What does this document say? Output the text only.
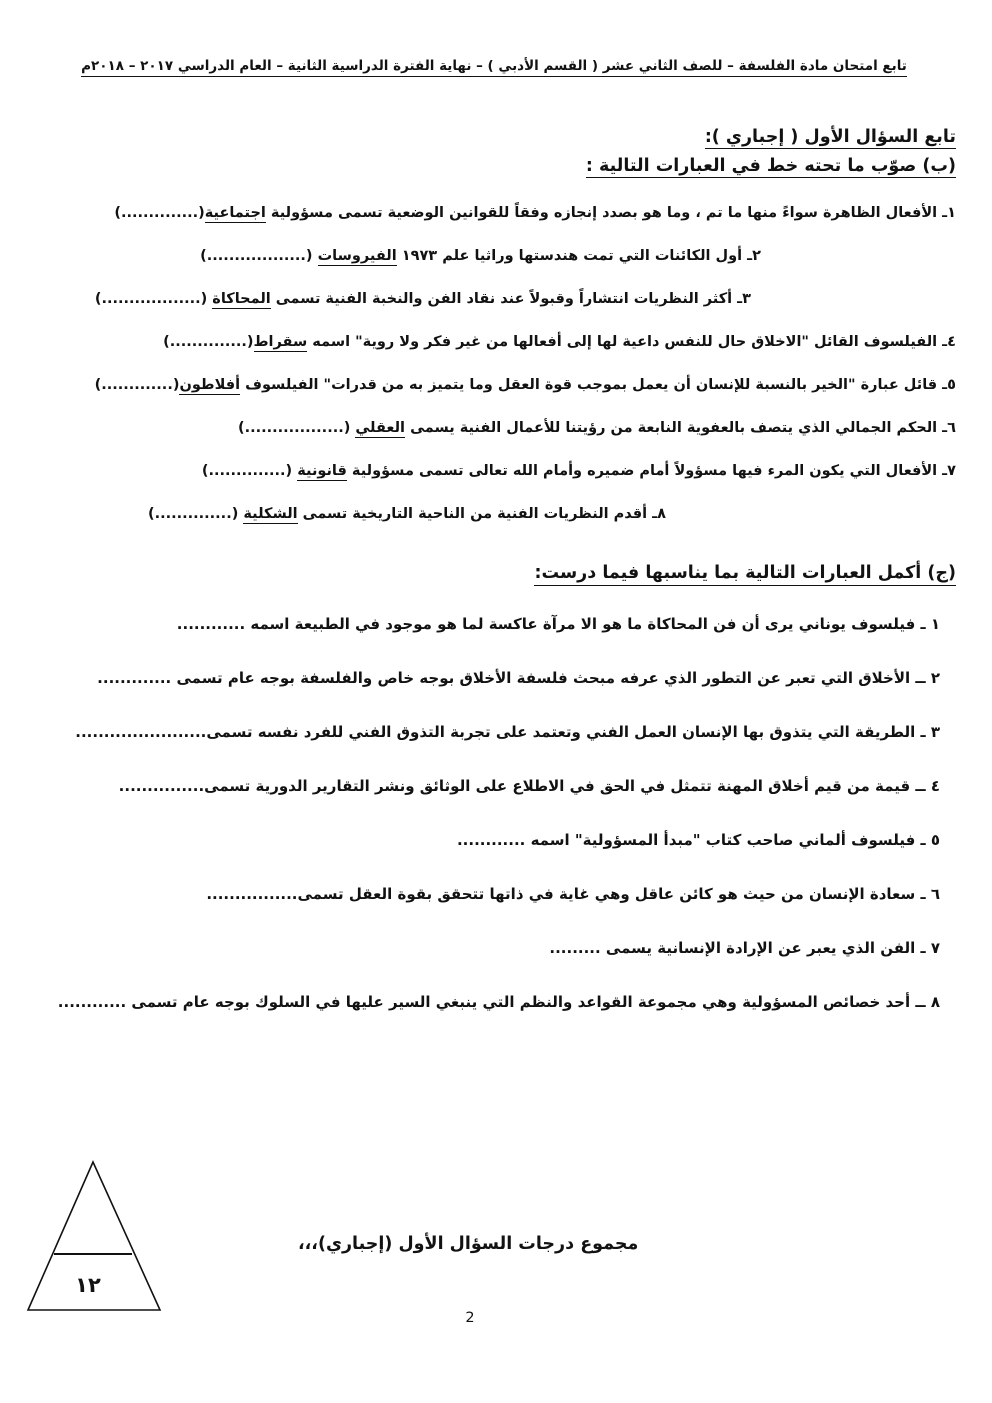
تابع امتحان مادة الفلسفة – للصف الثاني عشر ( القسم الأدبي ) – نهاية الفترة الدراسية الثانية – العام الدراسي ٢٠١٧ – ٢٠١٨م
تابع السؤال الأول ( إجباري ):
(ب) صوّب ما تحته خط في العبارات التالية :
١ـ الأفعال الظاهرة سواءً منها ما تم ، وما هو بصدد إنجازه وفقاً للقوانين الوضعية تسمى مسؤولية اجتماعية(..............)
٢ـ أول الكائنات التي تمت هندستها وراثيا علم ١٩٧٣ الفيروسات (..................)
٣ـ أكثر النظريات انتشاراً وقبولاً عند نقاد الفن والنخبة الفنية تسمى المحاكاة (..................)
٤ـ الفيلسوف القائل "الاخلاق حال للنفس داعية لها إلى أفعالها من غير فكر ولا روية" اسمه سقراط(..............)
٥ـ قائل عبارة "الخير بالنسبة للإنسان أن يعمل بموجب قوة العقل وما يتميز به من قدرات" الفيلسوف أفلاطون(.............)
٦ـ الحكم الجمالي الذي يتصف بالعفوية النابعة من رؤيتنا للأعمال الفنية يسمى العقلي (..................)
٧ـ الأفعال التي يكون المرء فيها مسؤولاً أمام ضميره وأمام الله تعالى تسمى مسؤولية قانونية (..............)
٨ـ أقدم النظريات الفنية من الناحية التاريخية تسمى الشكلية (..............)
(ج) أكمل العبارات التالية بما يناسبها فيما درست:
١ ـ فيلسوف يوناني يرى أن فن المحاكاة ما هو الا مرآة عاكسة لما هو موجود في الطبيعة اسمه ............
٢ ــ الأخلاق التي تعبر عن التطور الذي عرفه مبحث فلسفة الأخلاق بوجه خاص والفلسفة بوجه عام تسمى .............
٣ ـ الطريقة التي يتذوق بها الإنسان العمل الفني وتعتمد على تجربة التذوق الفني للفرد نفسه تسمى.......................
٤ ــ قيمة من قيم أخلاق المهنة تتمثل في الحق في الاطلاع على الوثائق ونشر التقارير الدورية تسمى...............
٥ ـ فيلسوف ألماني صاحب كتاب "مبدأ المسؤولية" اسمه ............
٦ ـ سعادة الإنسان من حيث هو كائن عاقل وهي غاية في ذاتها تتحقق بقوة العقل تسمى................
٧ ـ الفن الذي يعبر عن الإرادة الإنسانية يسمى .........
٨ ــ أحد خصائص المسؤولية وهي مجموعة القواعد والنظم التي ينبغي السير عليها في السلوك بوجه عام تسمى ............
١٢
مجموع درجات السؤال الأول (إجباري)،،،
2
